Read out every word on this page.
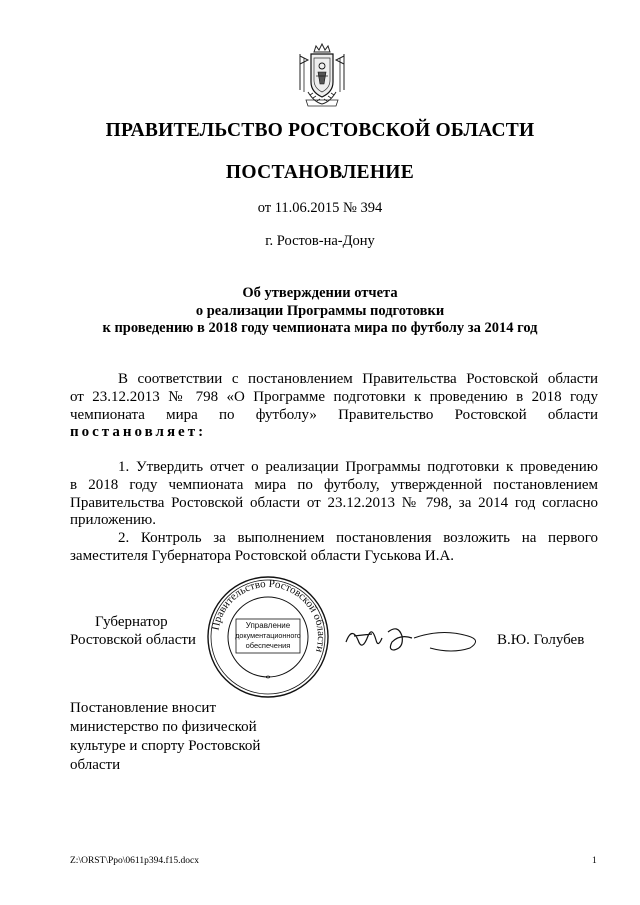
ПРАВИТЕЛЬСТВО РОСТОВСКОЙ ОБЛАСТИ
ПОСТАНОВЛЕНИЕ
от 11.06.2015 № 394
г. Ростов-на-Дону
Об утверждении отчета
о реализации Программы подготовки
к проведению в 2018 году чемпионата мира по футболу за 2014 год
В соответствии с постановлением Правительства Ростовской области
от 23.12.2013 № 798 «О Программе подготовки к проведению в 2018 году
чемпионата мира по футболу» Правительство Ростовской области
постановляет:
1. Утвердить отчет о реализации Программы подготовки к проведению
в 2018 году чемпионата мира по футболу, утвержденной постановлением
Правительства Ростовской области от 23.12.2013 № 798, за 2014 год согласно
приложению.
2. Контроль за выполнением постановления возложить на первого
заместителя Губернатора Ростовской области Гуськова И.А.
Губернатор
Ростовской области
Правительство Ростовской области
Управление
документационного
обеспечения
*
В.Ю. Голубев
Постановление вносит
министерство по физической
культуре и спорту Ростовской
области
Z:\ORST\Ppo\0611p394.f15.docx	1
